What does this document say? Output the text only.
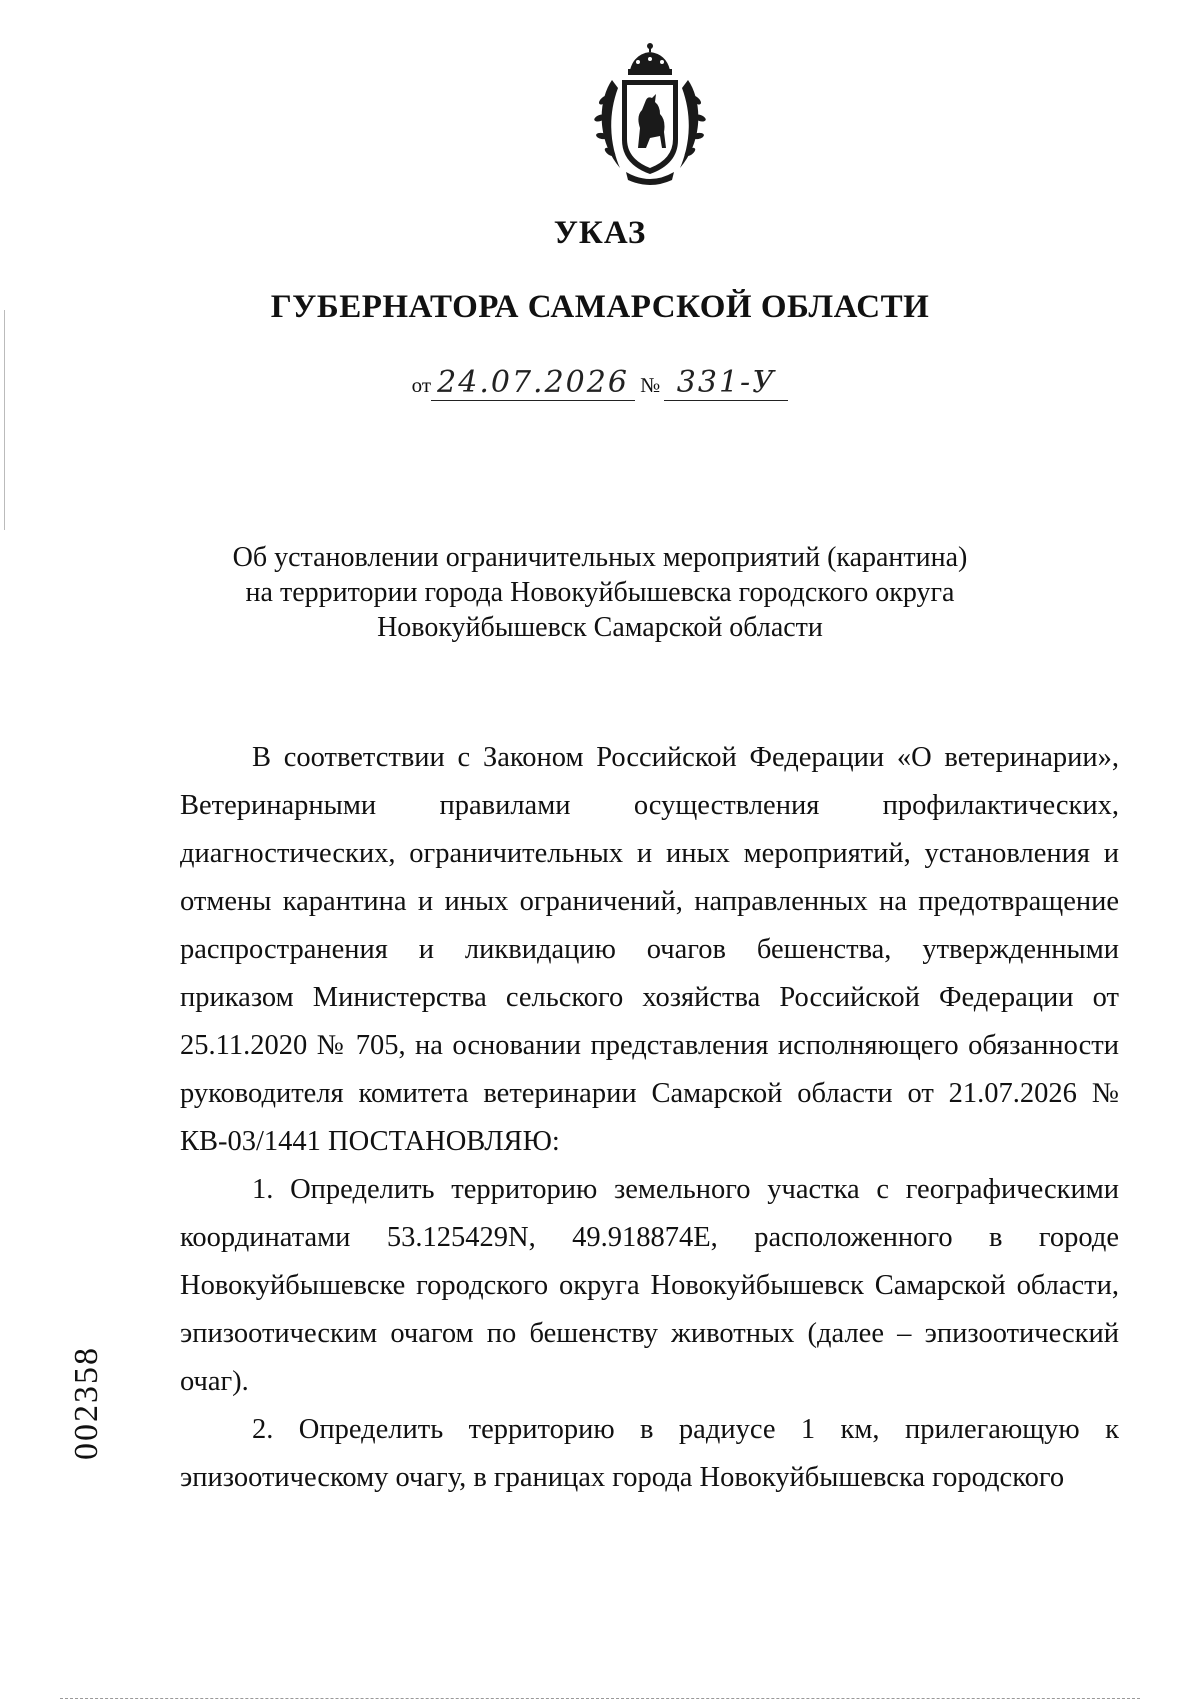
УКАЗ
ГУБЕРНАТОРА САМАРСКОЙ ОБЛАСТИ
от 24.07.2026 № 331-У
Об установлении ограничительных мероприятий (карантина)
на территории города Новокуйбышевска городского округа
Новокуйбышевск Самарской области

В соответствии с Законом Российской Федерации «О ветеринарии», Ветеринарными правилами осуществления профилактических, диагностических, ограничительных и иных мероприятий, установления и отмены карантина и иных ограничений, направленных на предотвращение распространения и ликвидацию очагов бешенства, утвержденными приказом Министерства сельского хозяйства Российской Федерации от 25.11.2020 № 705, на основании представления исполняющего обязанности руководителя комитета ветеринарии Самарской области от 21.07.2026 № КВ-03/1441 ПОСТАНОВЛЯЮ:

1. Определить территорию земельного участка с географическими координатами 53.125429N, 49.918874E, расположенного в городе Новокуйбышевске городского округа Новокуйбышевск Самарской области, эпизоотическим очагом по бешенству животных (далее – эпизоотический очаг).

2. Определить территорию в радиусе 1 км, прилегающую к эпизоотическому очагу, в границах города Новокуйбышевска городского

002358
